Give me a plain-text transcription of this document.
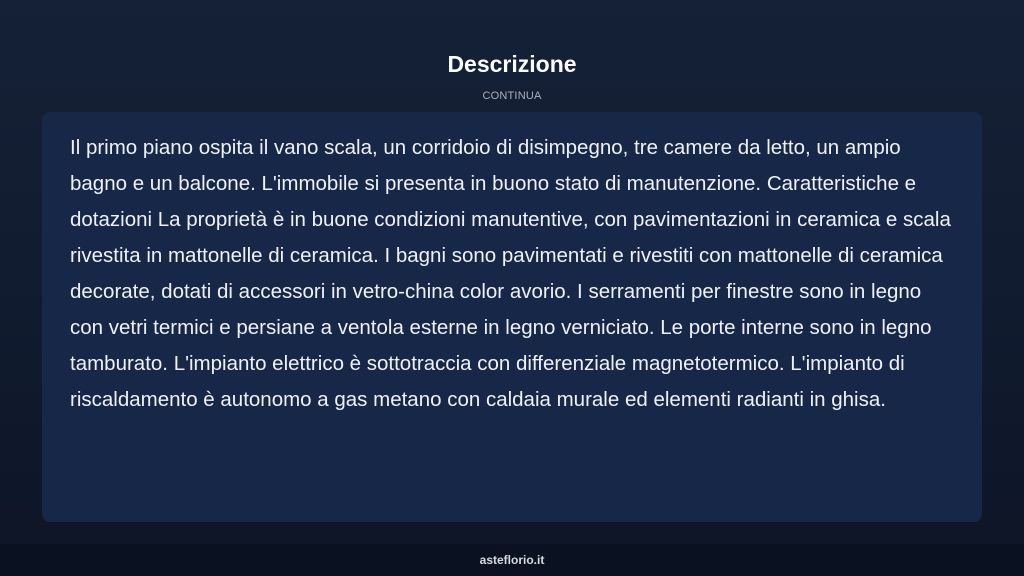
Descrizione
CONTINUA

Il primo piano ospita il vano scala, un corridoio di disimpegno, tre camere da letto, un ampio bagno e un balcone. L'immobile si presenta in buono stato di manutenzione. Caratteristiche e dotazioni La proprietà è in buone condizioni manutentive, con pavimentazioni in ceramica e scala rivestita in mattonelle di ceramica. I bagni sono pavimentati e rivestiti con mattonelle di ceramica decorate, dotati di accessori in vetro-china color avorio. I serramenti per finestre sono in legno con vetri termici e persiane a ventola esterne in legno verniciato. Le porte interne sono in legno tamburato. L'impianto elettrico è sottotraccia con differenziale magnetotermico. L'impianto di riscaldamento è autonomo a gas metano con caldaia murale ed elementi radianti in ghisa.

asteflorio.it
